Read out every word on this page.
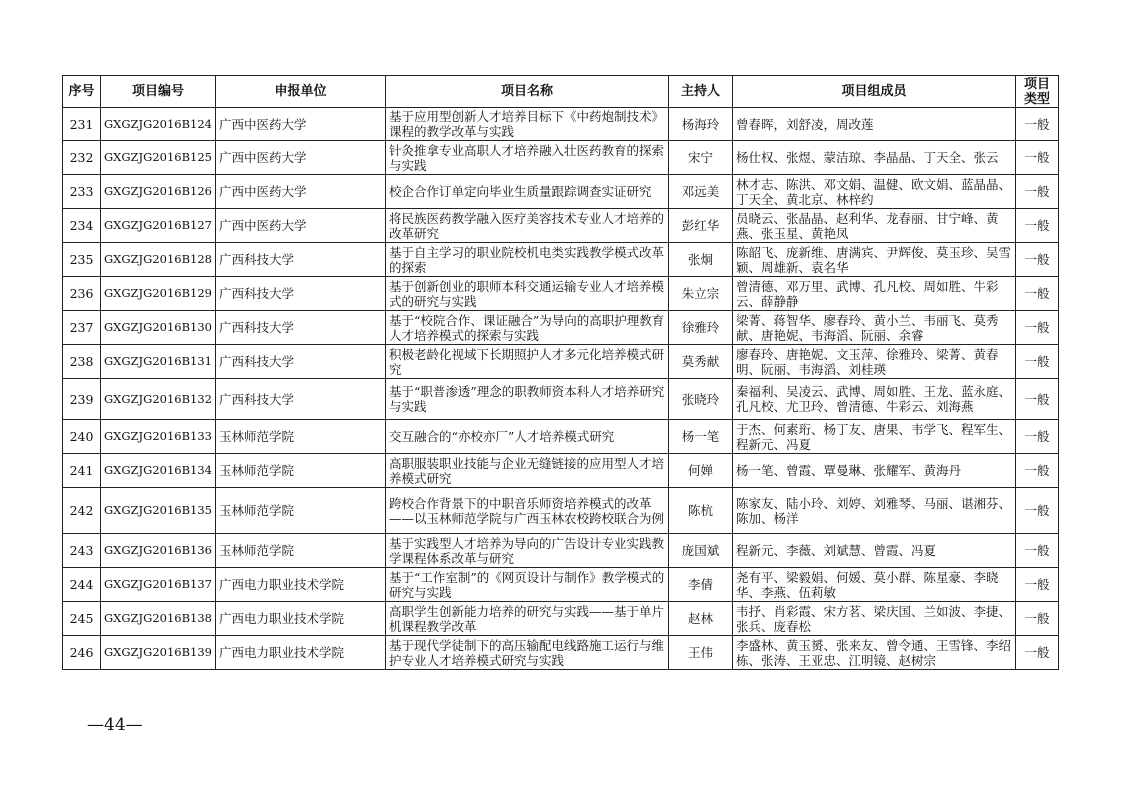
序号	项目编号	申报单位	项目名称	主持人	项目组成员	项目类型
231	GXGZJG2016B124	广西中医药大学	基于应用型创新人才培养目标下《中药炮制技术》课程的教学改革与实践	杨海玲	曾春晖，刘舒凌，周改莲	一般
232	GXGZJG2016B125	广西中医药大学	针灸推拿专业高职人才培养融入壮医药教育的探索与实践	宋宁	杨仕权、张煜、蒙洁琼、李晶晶、丁天全、张云	一般
233	GXGZJG2016B126	广西中医药大学	校企合作订单定向毕业生质量跟踪调查实证研究	邓远美	林才志、陈洪、邓文娟、温健、欧文娟、蓝晶晶、丁天全、黄北京、林梓约	一般
234	GXGZJG2016B127	广西中医药大学	将民族医药教学融入医疗美容技术专业人才培养的改革研究	彭红华	员晓云、张晶晶、赵利华、龙春丽、甘宁峰、黄燕、张玉星、黄艳凤	一般
235	GXGZJG2016B128	广西科技大学	基于自主学习的职业院校机电类实践教学模式改革的探索	张炯	陈韶飞、庞新维、唐满宾、尹辉俊、莫玉珍、吴雪颖、周雄新、袁名华	一般
236	GXGZJG2016B129	广西科技大学	基于创新创业的职师本科交通运输专业人才培养模式的研究与实践	朱立宗	曾清德、邓万里、武博、孔凡校、周如胜、牛彩云、薛静静	一般
237	GXGZJG2016B130	广西科技大学	基于“校院合作、课证融合”为导向的高职护理教育人才培养模式的探索与实践	徐雅玲	梁菁、蒋智华、廖春玲、黄小兰、韦丽飞、莫秀献、唐艳妮、韦海滔、阮丽、余睿	一般
238	GXGZJG2016B131	广西科技大学	积极老龄化视域下长期照护人才多元化培养模式研究	莫秀献	廖春玲、唐艳妮、文玉萍、徐雅玲、梁菁、黄春明、阮丽、韦海滔、刘桂瑛	一般
239	GXGZJG2016B132	广西科技大学	基于“职普渗透”理念的职教师资本科人才培养研究与实践	张晓玲	秦福利、吴凌云、武博、周如胜、王龙、蓝永庭、孔凡校、尤卫玲、曾清德、牛彩云、刘海燕	一般
240	GXGZJG2016B133	玉林师范学院	交互融合的“亦校亦厂”人才培养模式研究	杨一笔	于杰、何素珩、杨丁友、唐果、韦学飞、程军生、程新元、冯夏	一般
241	GXGZJG2016B134	玉林师范学院	高职服装职业技能与企业无缝链接的应用型人才培养模式研究	何婵	杨一笔、曾霞、覃曼琳、张耀军、黄海丹	一般
242	GXGZJG2016B135	玉林师范学院	跨校合作背景下的中职音乐师资培养模式的改革——以玉林师范学院与广西玉林农校跨校联合为例	陈杭	陈家友、陆小玲、刘婷、刘雅琴、马丽、谌湘芬、陈加、杨洋	一般
243	GXGZJG2016B136	玉林师范学院	基于实践型人才培养为导向的广告设计专业实践教学课程体系改革与研究	庞国斌	程新元、李薇、刘斌慧、曾霞、冯夏	一般
244	GXGZJG2016B137	广西电力职业技术学院	基于“工作室制”的《网页设计与制作》教学模式的研究与实践	李倩	尧有平、梁毅娟、何媛、莫小群、陈星豪、李晓华、李燕、伍莉敏	一般
245	GXGZJG2016B138	广西电力职业技术学院	高职学生创新能力培养的研究与实践——基于单片机课程教学改革	赵林	韦抒、肖彩霞、宋方茗、梁庆国、兰如波、李捷、张兵、庞春松	一般
246	GXGZJG2016B139	广西电力职业技术学院	基于现代学徒制下的高压输配电线路施工运行与维护专业人才培养模式研究与实践	王伟	李盛林、黄玉赟、张来友、曾令通、王雪锋、李绍栋、张涛、王亚忠、江明镜、赵树宗	一般
—44—
